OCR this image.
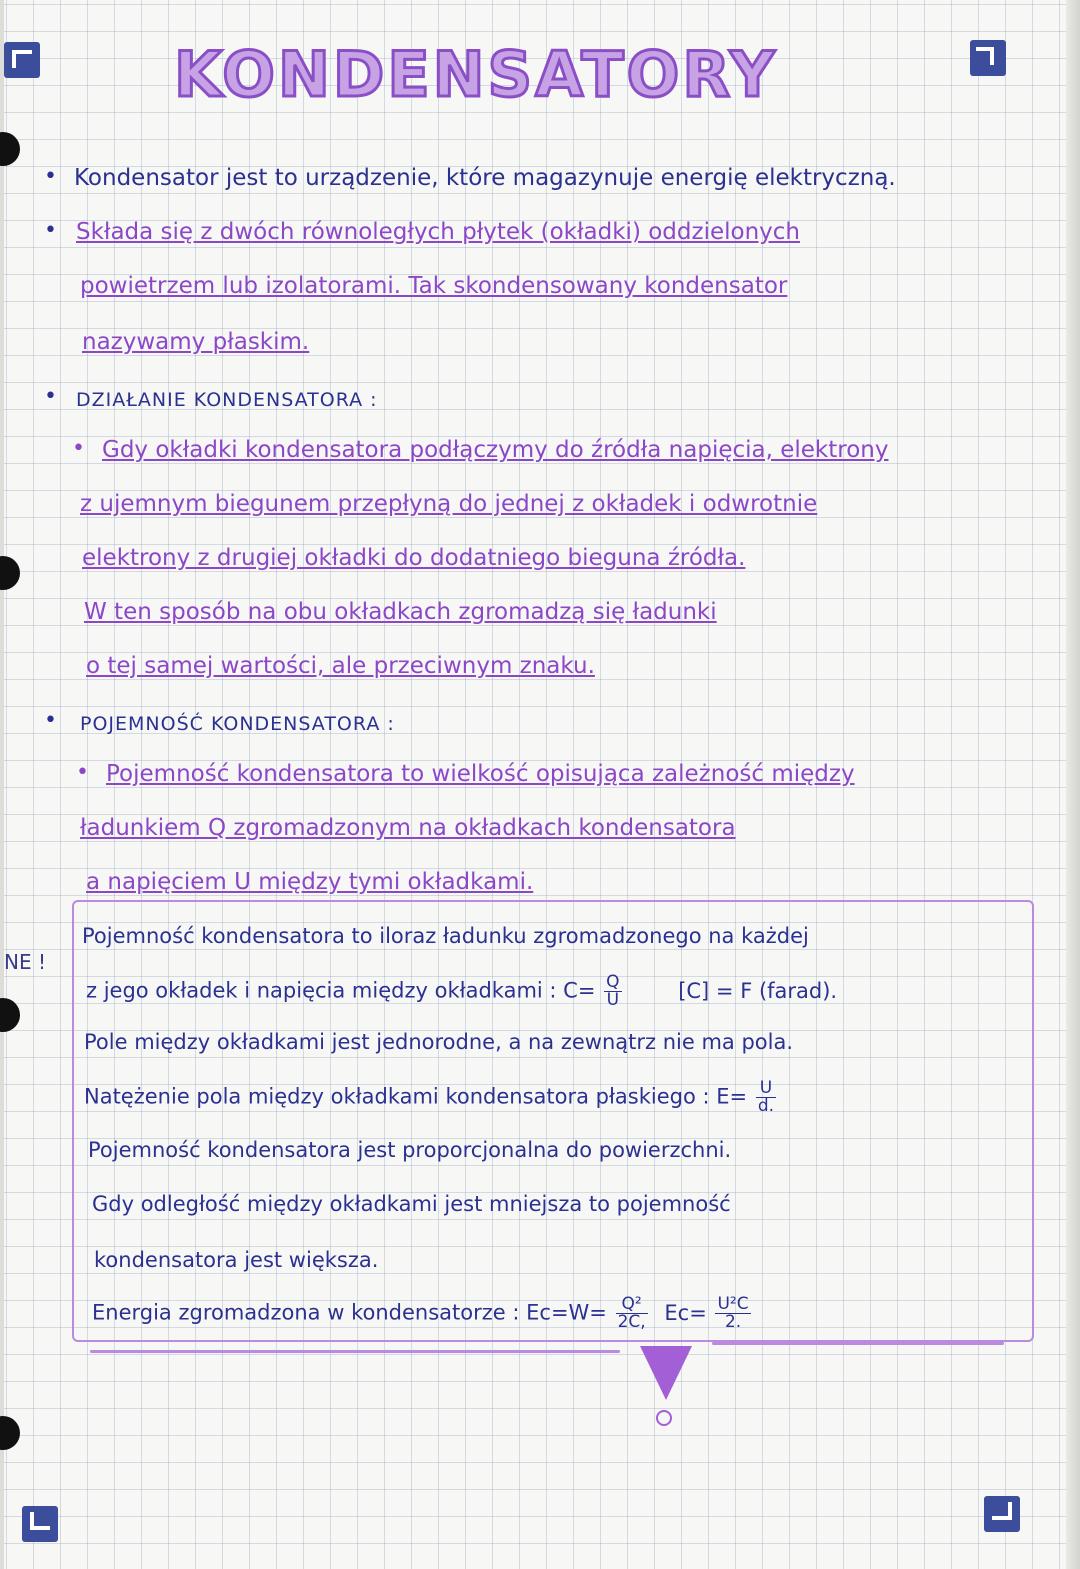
KONDENSATORY
• Kondensator jest to urządzenie, które magazynuje energię elektryczną.
• Składa się z dwóch równoległych płytek (okładki) oddzielonych
powietrzem lub izolatorami. Tak skondensowany kondensator
nazywamy płaskim.
• DZIAŁANIE KONDENSATORA :
• Gdy okładki kondensatora podłączymy do źródła napięcia, elektrony
z ujemnym biegunem przepłyną do jednej z okładek i odwrotnie
elektrony z drugiej okładki do dodatniego bieguna źródła.
W ten sposób na obu okładkach zgromadzą się ładunki
o tej samej wartości, ale przeciwnym znaku.
• POJEMNOŚĆ KONDENSATORA :
• Pojemność kondensatora to wielkość opisująca zależność między
ładunkiem Q zgromadzonym na okładkach kondensatora
a napięciem U między tymi okładkami.
NE !
Pojemność kondensatora to iloraz ładunku zgromadzonego na każdej
z jego okładek i napięcia między okładkami : $C= \frac{Q}{U}$	[C] = F (farad).
Pole między okładkami jest jednorodne, a na zewnątrz nie ma pola.
Natężenie pola między okładkami kondensatora płaskiego : $E= \frac{U}{d.}$
Pojemność kondensatora jest proporcjonalna do powierzchni.
Gdy odległość między okładkami jest mniejsza to pojemność
kondensatora jest większa.
Energia zgromadzona w kondensatorze : $Ec=W= \frac{\text{Q²}}{2C,} Ec= \frac{\text{U²C}}{2.}$
